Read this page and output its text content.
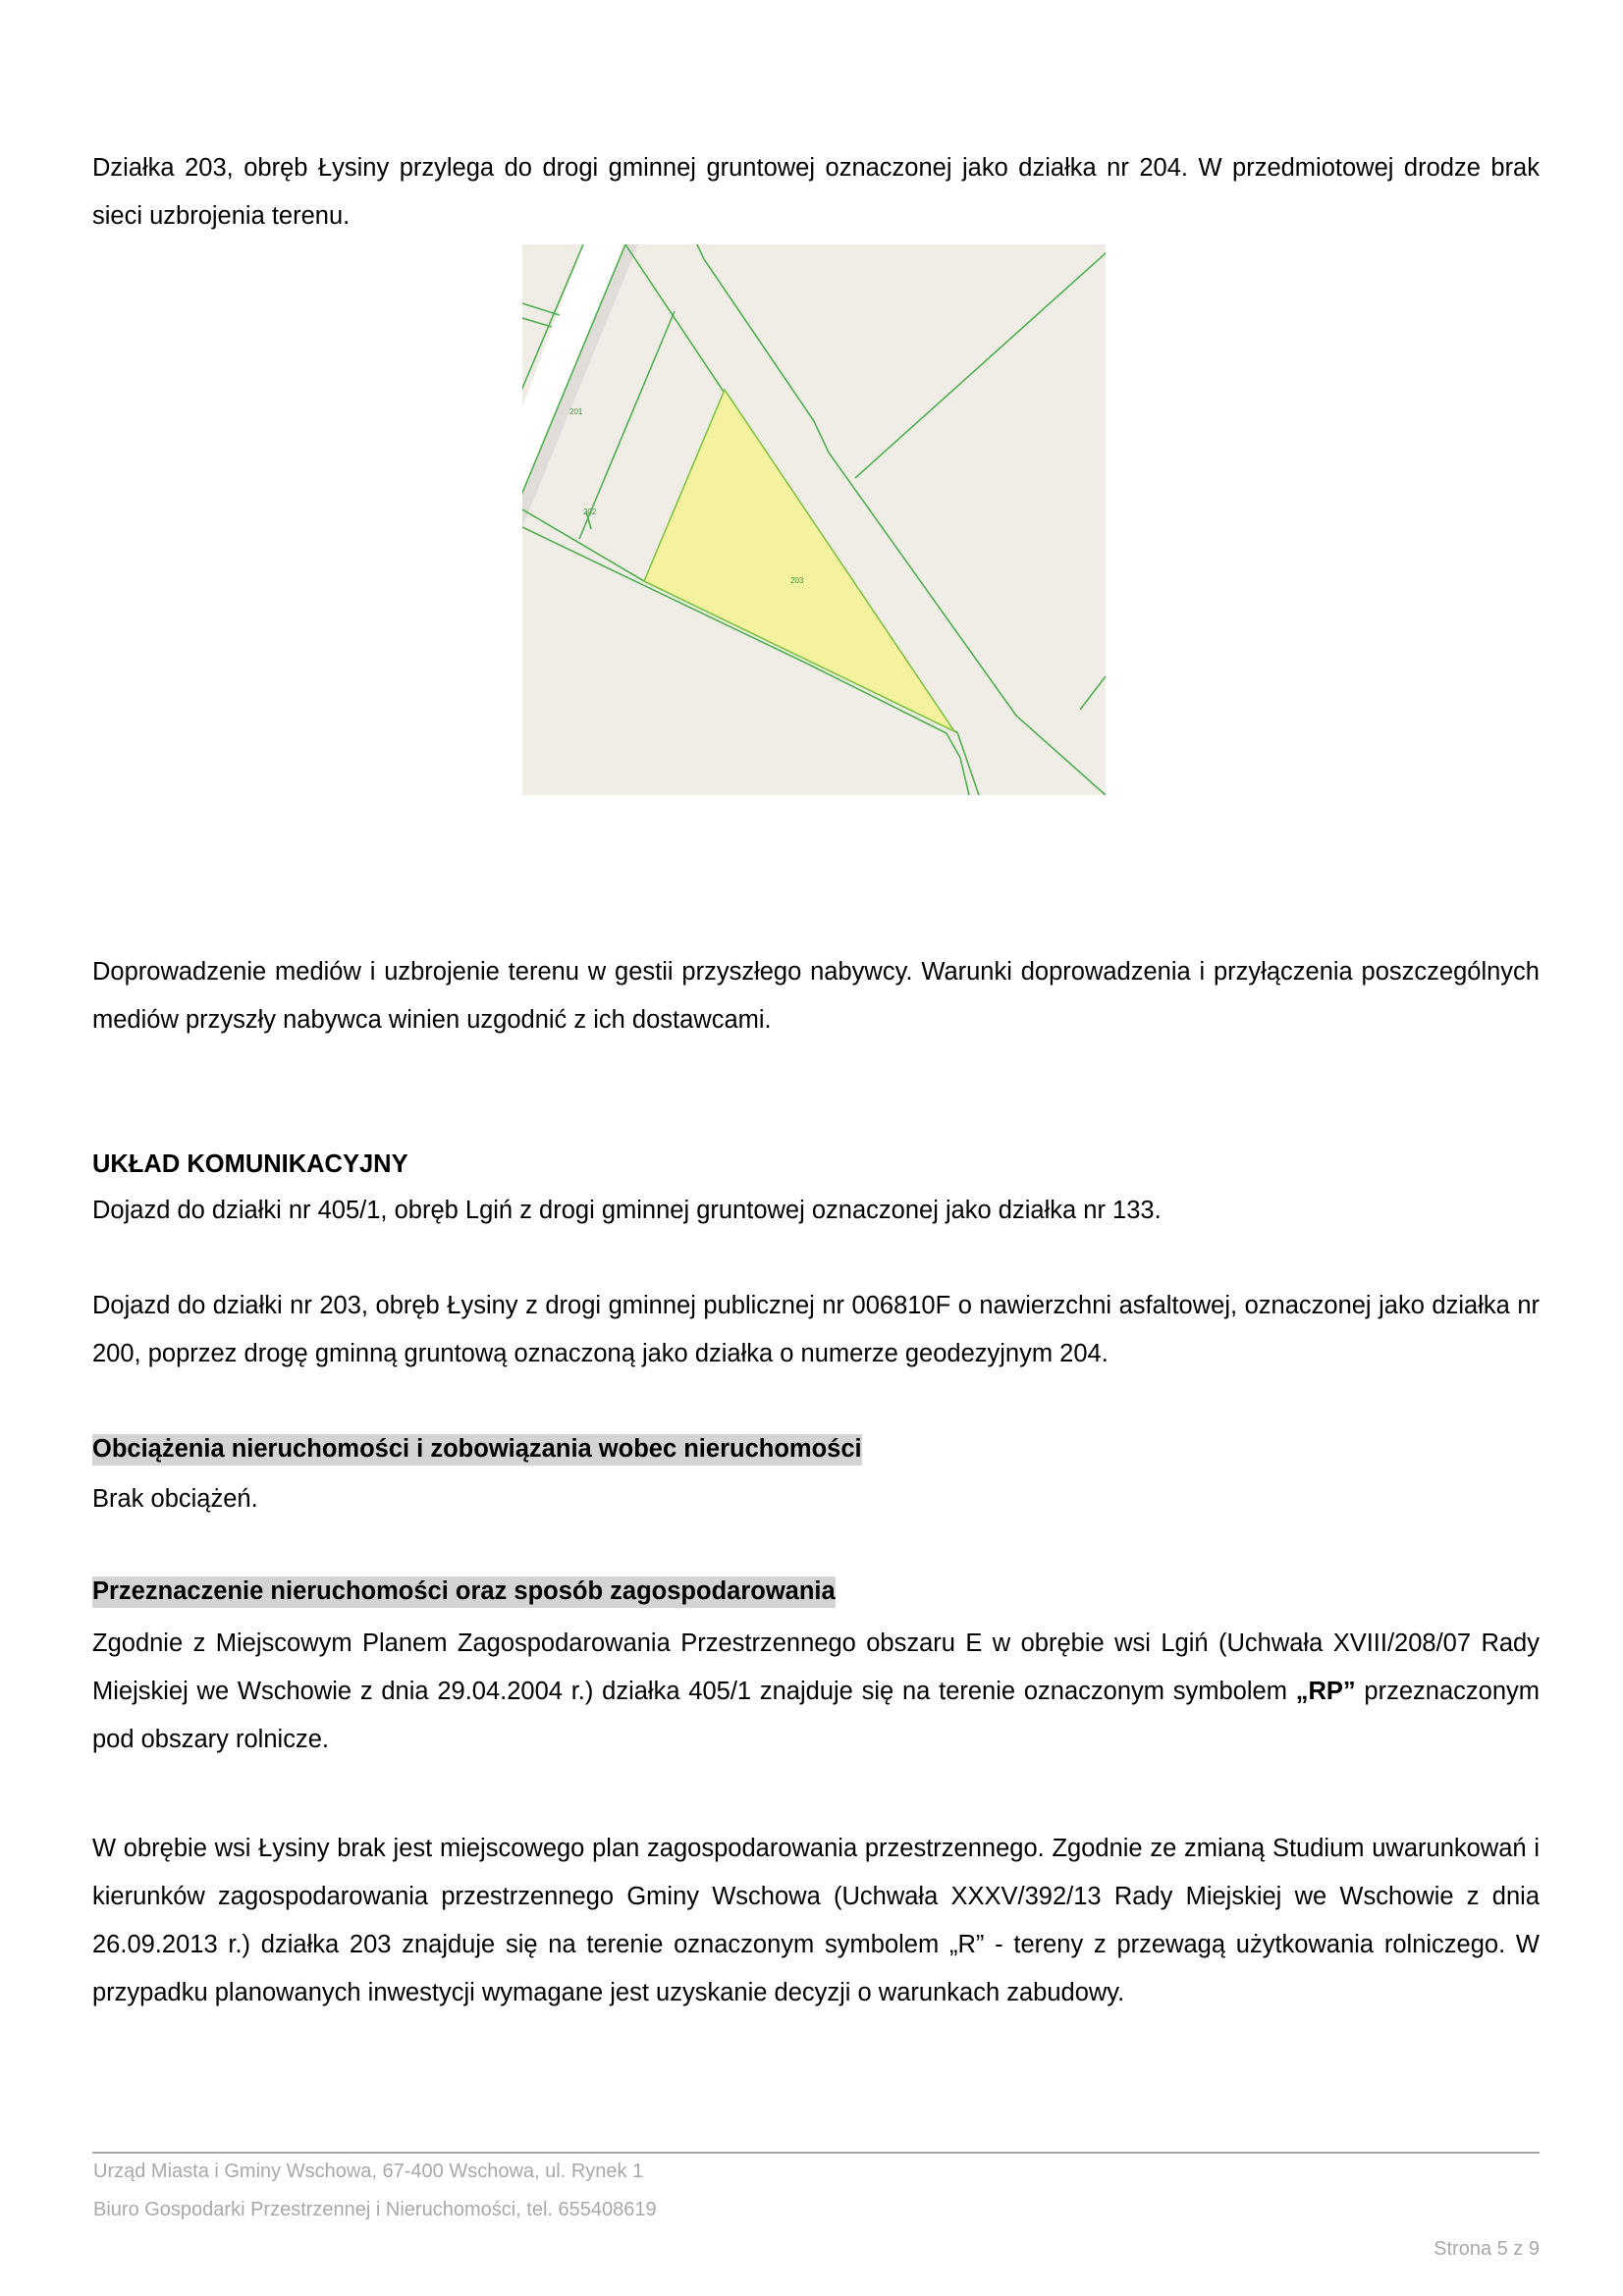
Działka 203, obręb Łysiny przylega do drogi gminnej gruntowej oznaczonej jako działka nr 204. W przedmiotowej drodze brak sieci uzbrojenia terenu.

201
202
203

Doprowadzenie mediów i uzbrojenie terenu w gestii przyszłego nabywcy. Warunki doprowadzenia i przyłączenia poszczególnych mediów przyszły nabywca winien uzgodnić z ich dostawcami.

UKŁAD KOMUNIKACYJNY

Dojazd do działki nr 405/1, obręb Lgiń z drogi gminnej gruntowej oznaczonej jako działka nr 133.

Dojazd do działki nr 203, obręb Łysiny z drogi gminnej publicznej nr 006810F o nawierzchni asfaltowej, oznaczonej jako działka nr 200, poprzez drogę gminną gruntową oznaczoną jako działka o numerze geodezyjnym 204.

Obciążenia nieruchomości i zobowiązania wobec nieruchomości

Brak obciążeń.

Przeznaczenie nieruchomości oraz sposób zagospodarowania

Zgodnie z Miejscowym Planem Zagospodarowania Przestrzennego obszaru E w obrębie wsi Lgiń (Uchwała XVIII/208/07 Rady Miejskiej we Wschowie z dnia 29.04.2004 r.) działka 405/1 znajduje się na terenie oznaczonym symbolem „RP” przeznaczonym pod obszary rolnicze.

W obrębie wsi Łysiny brak jest miejscowego plan zagospodarowania przestrzennego. Zgodnie ze zmianą Studium uwarunkowań i kierunków zagospodarowania przestrzennego Gminy Wschowa (Uchwała XXXV/392/13 Rady Miejskiej we Wschowie z dnia 26.09.2013 r.) działka 203 znajduje się na terenie oznaczonym symbolem „R” - tereny z przewagą użytkowania rolniczego. W przypadku planowanych inwestycji wymagane jest uzyskanie decyzji o warunkach zabudowy.

Urząd Miasta i Gminy Wschowa, 67-400 Wschowa, ul. Rynek 1
Biuro Gospodarki Przestrzennej i Nieruchomości, tel. 655408619
Strona 5 z 9
